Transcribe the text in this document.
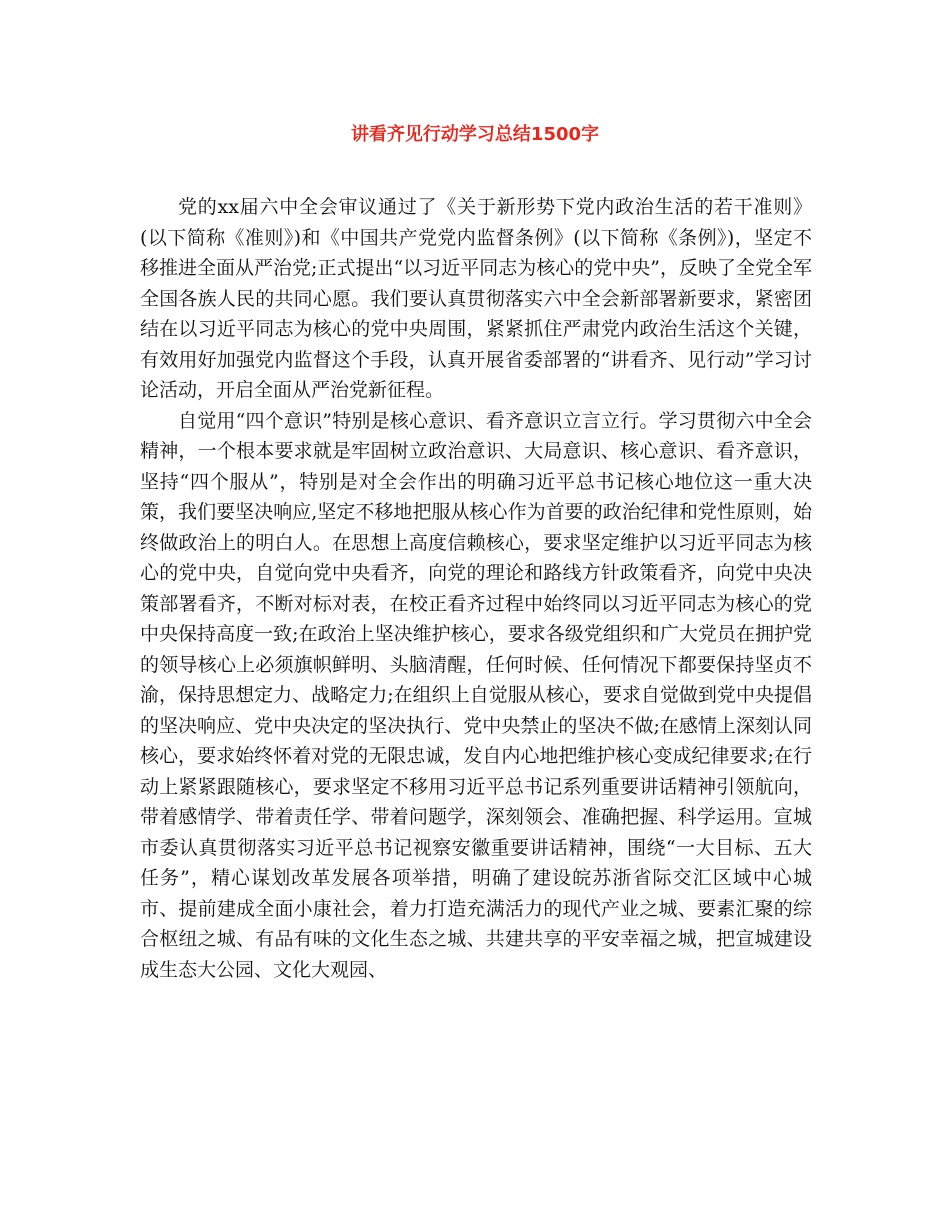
讲看齐见行动学习总结1500字

党的xx届六中全会审议通过了《关于新形势下党内政治生活的若干准则》(以下简称《准则》)和《中国共产党党内监督条例》(以下简称《条例》)，坚定不移推进全面从严治党;正式提出“以习近平同志为核心的党中央”，反映了全党全军全国各族人民的共同心愿。我们要认真贯彻落实六中全会新部署新要求，紧密团结在以习近平同志为核心的党中央周围，紧紧抓住严肃党内政治生活这个关键，有效用好加强党内监督这个手段，认真开展省委部署的“讲看齐、见行动”学习讨论活动，开启全面从严治党新征程。

自觉用“四个意识”特别是核心意识、看齐意识立言立行。学习贯彻六中全会精神，一个根本要求就是牢固树立政治意识、大局意识、核心意识、看齐意识，坚持“四个服从”，特别是对全会作出的明确习近平总书记核心地位这一重大决策，我们要坚决响应,坚定不移地把服从核心作为首要的政治纪律和党性原则，始终做政治上的明白人。在思想上高度信赖核心，要求坚定维护以习近平同志为核心的党中央，自觉向党中央看齐，向党的理论和路线方针政策看齐，向党中央决策部署看齐，不断对标对表，在校正看齐过程中始终同以习近平同志为核心的党中央保持高度一致;在政治上坚决维护核心，要求各级党组织和广大党员在拥护党的领导核心上必须旗帜鲜明、头脑清醒，任何时候、任何情况下都要保持坚贞不渝，保持思想定力、战略定力;在组织上自觉服从核心，要求自觉做到党中央提倡的坚决响应、党中央决定的坚决执行、党中央禁止的坚决不做;在感情上深刻认同核心，要求始终怀着对党的无限忠诚，发自内心地把维护核心变成纪律要求;在行动上紧紧跟随核心，要求坚定不移用习近平总书记系列重要讲话精神引领航向，带着感情学、带着责任学、带着问题学，深刻领会、准确把握、科学运用。宣城市委认真贯彻落实习近平总书记视察安徽重要讲话精神，围绕“一大目标、五大任务”，精心谋划改革发展各项举措，明确了建设皖苏浙省际交汇区域中心城市、提前建成全面小康社会，着力打造充满活力的现代产业之城、要素汇聚的综合枢纽之城、有品有味的文化生态之城、共建共享的平安幸福之城，把宣城建设成生态大公园、文化大观园、
